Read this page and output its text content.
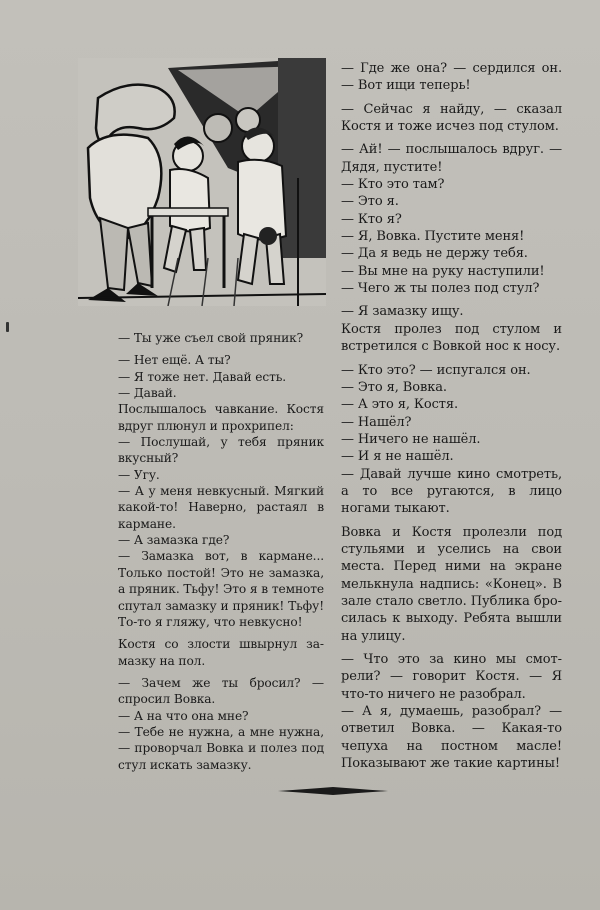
— Ты уже съел свой пряник?

— Нет ещё. А ты?

— Я тоже нет. Давай есть.

— Давай.

Послышалось чавкание. Костя вдруг плюнул и прохрипел:

— Послушай, у тебя пряник вкусный?

— Угу.

— А у меня невкусный. Мягкий какой-то! Наверно, растаял в кармане.

— А замазка где?

— Замазка вот, в кармане... Только постой! Это не замазка, а пряник. Тьфу! Это я в темноте спутал замазку и пряник! Тьфу! То-то я гляжу, что невкусно!

Костя со злости швырнул замазку на пол.

— Зачем же ты бросил? — спросил Вовка.

— А на что она мне?

— Тебе не нужна, а мне нужна, — проворчал Вовка и полез под стул искать замазку.

— Где же она? — сердился он. — Вот ищи теперь!

— Сейчас я найду, — сказал Костя и тоже исчез под стулом.

— Ай! — послышалось вдруг. — Дядя, пустите!

— Кто это там?

— Это я.

— Кто я?

— Я, Вовка. Пустите меня!

— Да я ведь не держу тебя.

— Вы мне на руку наступили!

— Чего ж ты полез под стул?

— Я замазку ищу.

Костя пролез под стулом и встретился с Вовкой нос к носу.

— Кто это? — испугался он.

— Это я, Вовка.

— А это я, Костя.

— Нашёл?

— Ничего не нашёл.

— И я не нашёл.

— Давай лучше кино смотреть, а то все ругаются, в лицо ногами тыкают.

Вовка и Костя пролезли под стульями и уселись на свои места. Перед ними на экране мелькнула надпись: «Конец». В зале стало светло. Публика бросилась к выходу. Ребята вышли на улицу.

— Что это за кино мы смотрели? — говорит Костя. — Я что-то ничего не разобрал.

— А я, думаешь, разобрал? — ответил Вовка. — Какая-то чепуха на постном масле! Показывают же такие картины!
